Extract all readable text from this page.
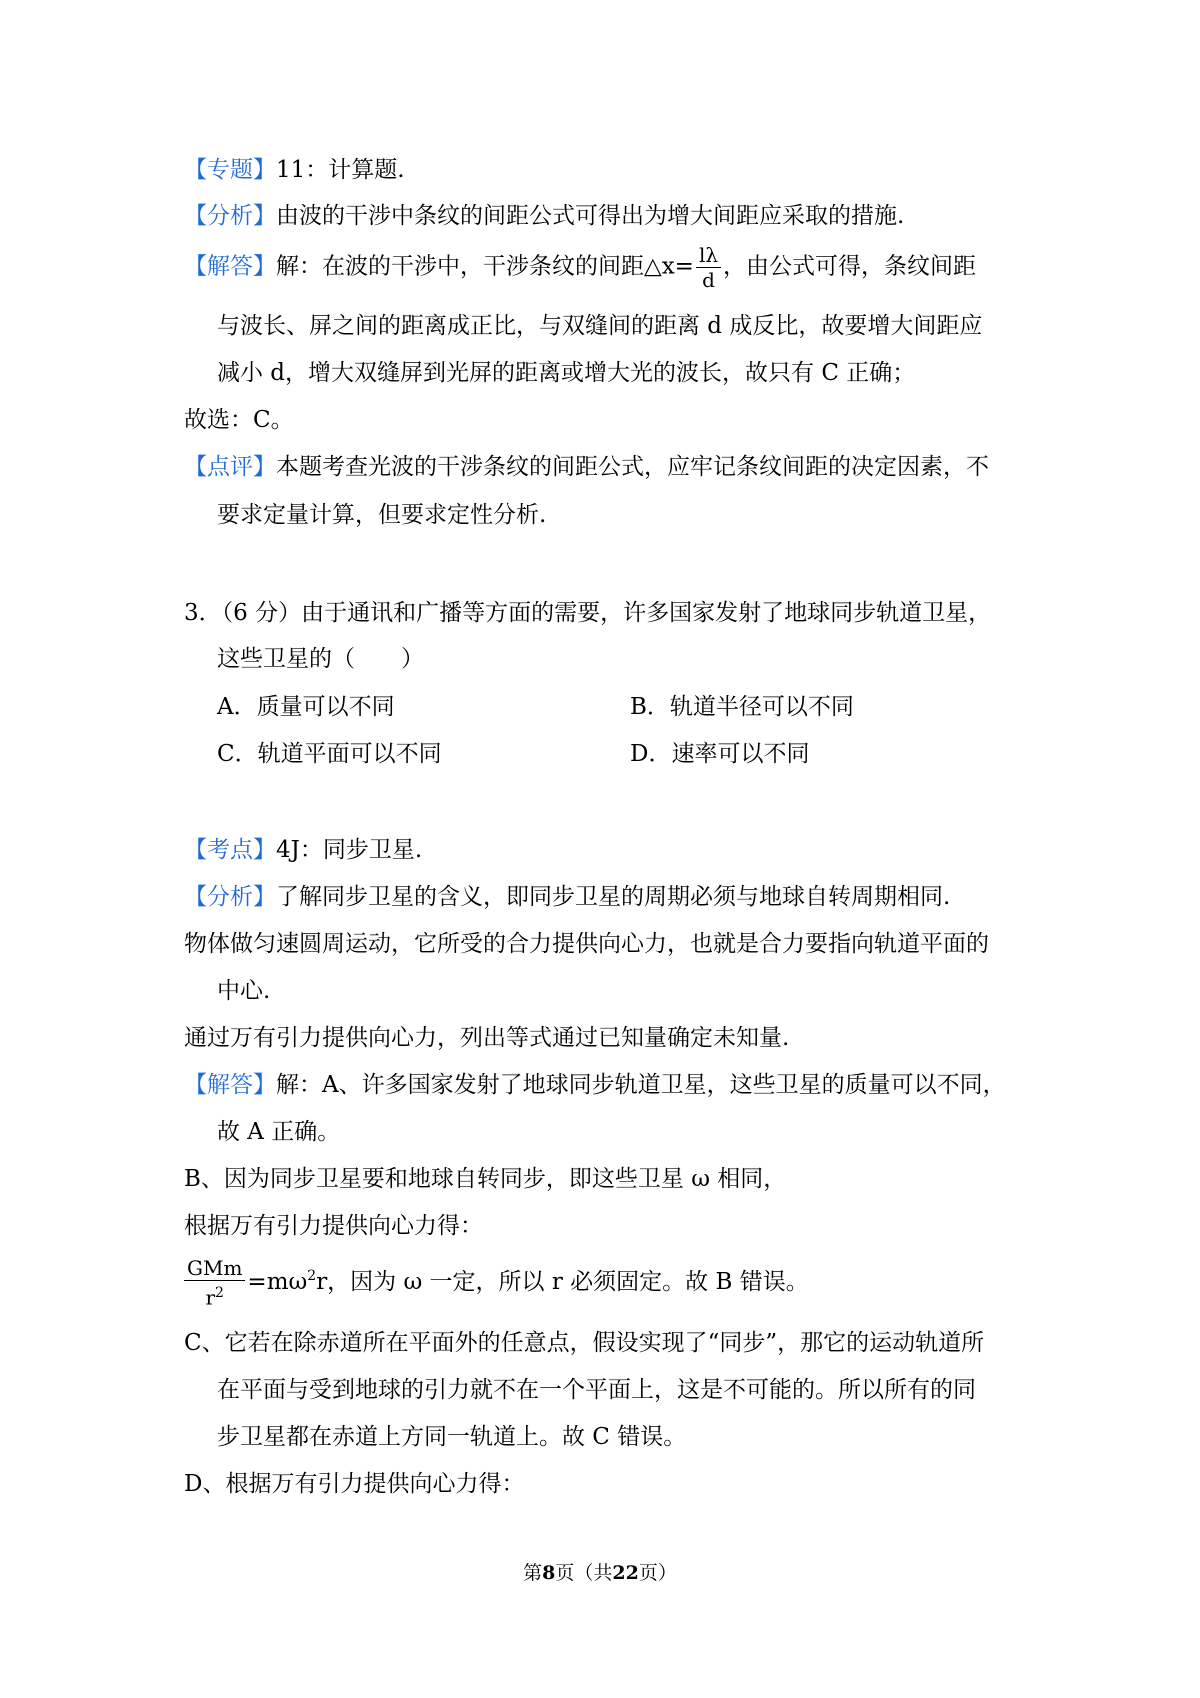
【专题】11：计算题.
【分析】由波的干涉中条纹的间距公式可得出为增大间距应采取的措施.
【解答】解：在波的干涉中，干涉条纹的间距△x= $\frac{l\lambda}{d}$ ，由公式可得，条纹间距
与波长、屏之间的距离成正比，与双缝间的距离 d 成反比，故要增大间距应
减小 d，增大双缝屏到光屏的距离或增大光的波长，故只有 C 正确；
故选：C。
【点评】本题考查光波的干涉条纹的间距公式，应牢记条纹间距的决定因素，不
要求定量计算，但要求定性分析.
3．（6 分）由于通讯和广播等方面的需要，许多国家发射了地球同步轨道卫星，
这些卫星的（　　）
A．质量可以不同	B．轨道半径可以不同
C．轨道平面可以不同	D．速率可以不同
【考点】4J：同步卫星.
【分析】了解同步卫星的含义，即同步卫星的周期必须与地球自转周期相同.
物体做匀速圆周运动，它所受的合力提供向心力，也就是合力要指向轨道平面的
中心.
通过万有引力提供向心力，列出等式通过已知量确定未知量.
【解答】解：A、许多国家发射了地球同步轨道卫星，这些卫星的质量可以不同，
故 A 正确。
B、因为同步卫星要和地球自转同步，即这些卫星 ω 相同，
根据万有引力提供向心力得：
$\frac{\text{GMm}}{r^2} =m\omega^2r$，因为 ω 一定，所以 r 必须固定。故 B 错误。
C、它若在除赤道所在平面外的任意点，假设实现了“同步”，那它的运动轨道所
在平面与受到地球的引力就不在一个平面上，这是不可能的。所以所有的同
步卫星都在赤道上方同一轨道上。故 C 错误。
D、根据万有引力提供向心力得：
第8页（共22页）
